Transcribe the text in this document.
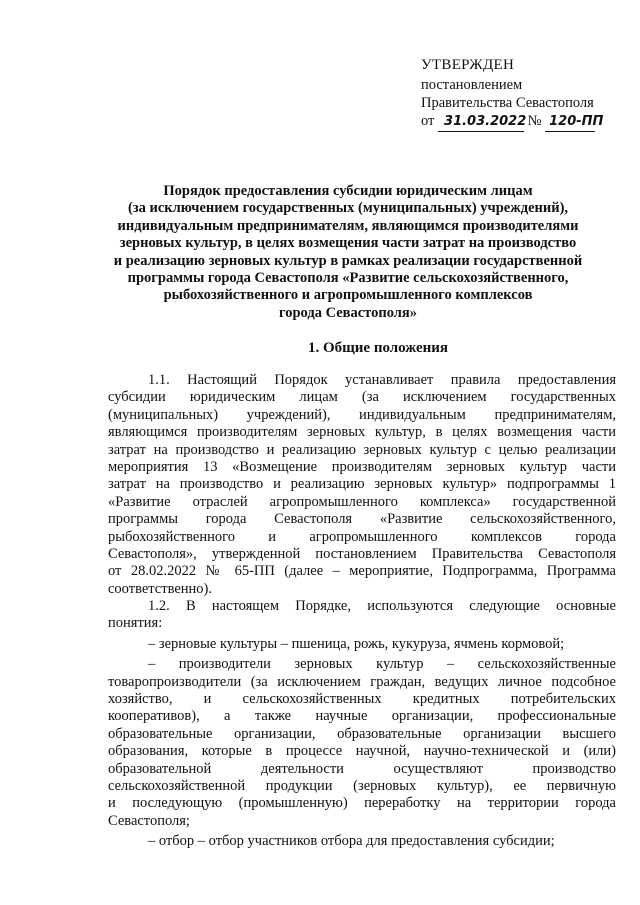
УТВЕРЖДЕН
постановлением
Правительства Севастополя
от 31.03.2022 № 120-ПП
Порядок предоставления субсидии юридическим лицам
(за исключением государственных (муниципальных) учреждений),
индивидуальным предпринимателям, являющимся производителями
зерновых культур, в целях возмещения части затрат на производство
и реализацию зерновых культур в рамках реализации государственной
программы города Севастополя «Развитие сельскохозяйственного,
рыбохозяйственного и агропромышленного комплексов
города Севастополя»
1. Общие положения
1.1. Настоящий Порядок устанавливает правила предоставления
субсидии юридическим лицам (за исключением государственных
(муниципальных) учреждений), индивидуальным предпринимателям,
являющимся производителям зерновых культур, в целях возмещения части
затрат на производство и реализацию зерновых культур с целью реализации
мероприятия 13 «Возмещение производителям зерновых культур части
затрат на производство и реализацию зерновых культур» подпрограммы 1
«Развитие отраслей агропромышленного комплекса» государственной
программы города Севастополя «Развитие сельскохозяйственного,
рыбохозяйственного и агропромышленного комплексов города
Севастополя», утвержденной постановлением Правительства Севастополя
от 28.02.2022 № 65-ПП (далее – мероприятие, Подпрограмма, Программа
соответственно).
1.2. В настоящем Порядке, используются следующие основные
понятия:
– зерновые культуры – пшеница, рожь, кукуруза, ячмень кормовой;
– производители зерновых культур – сельскохозяйственные
товаропроизводители (за исключением граждан, ведущих личное подсобное
хозяйство, и сельскохозяйственных кредитных потребительских
кооперативов), а также научные организации, профессиональные
образовательные организации, образовательные организации высшего
образования, которые в процессе научной, научно-технической и (или)
образовательной деятельности осуществляют производство
сельскохозяйственной продукции (зерновых культур), ее первичную
и последующую (промышленную) переработку на территории города
Севастополя;
– отбор – отбор участников отбора для предоставления субсидии;
